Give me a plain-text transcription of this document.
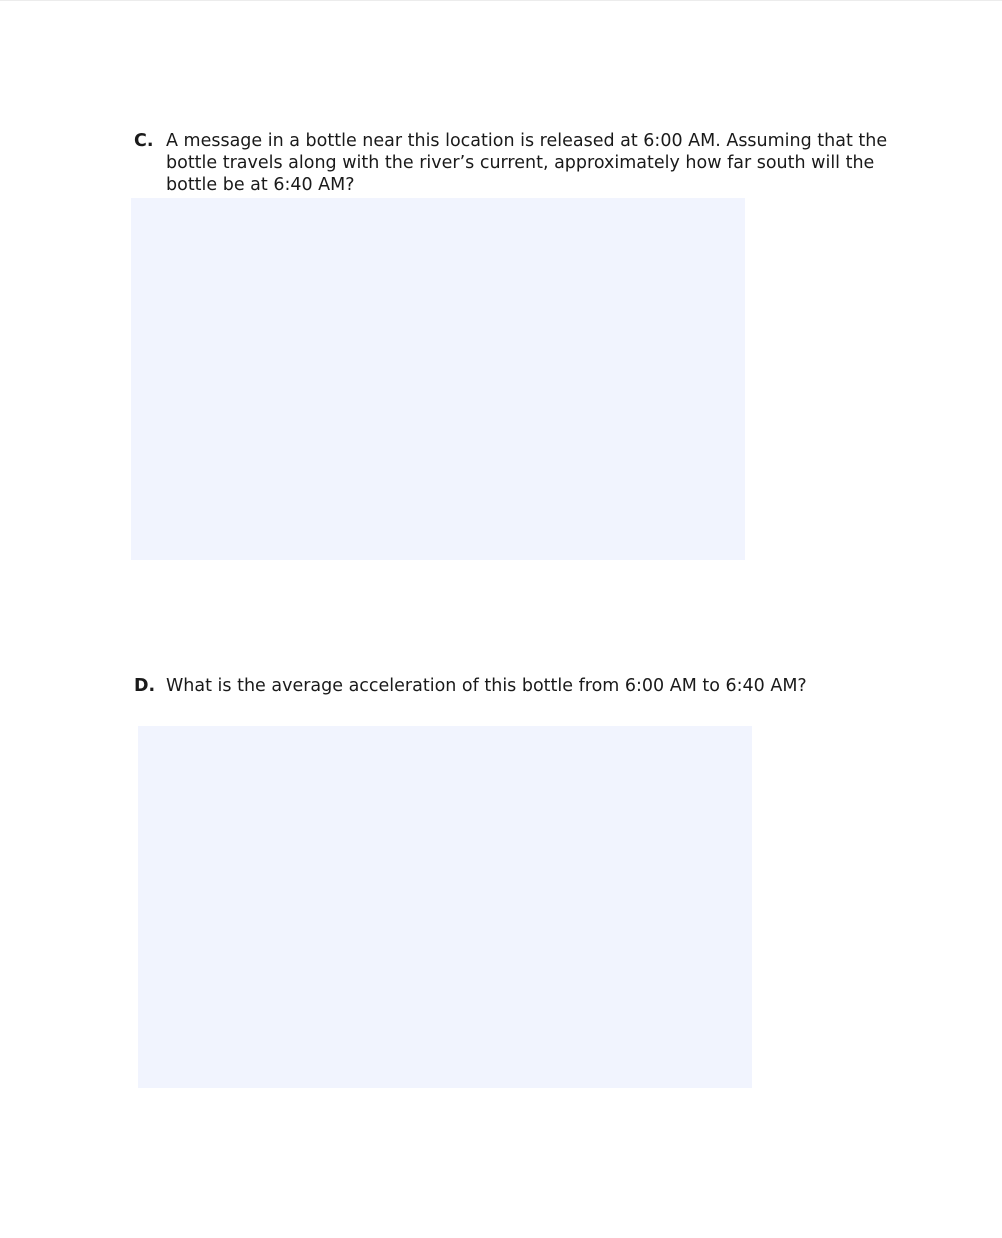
C. A message in a bottle near this location is released at 6:00 AM. Assuming that the bottle travels along with the river’s current, approximately how far south will the bottle be at 6:40 AM?
D. What is the average acceleration of this bottle from 6:00 AM to 6:40 AM?
